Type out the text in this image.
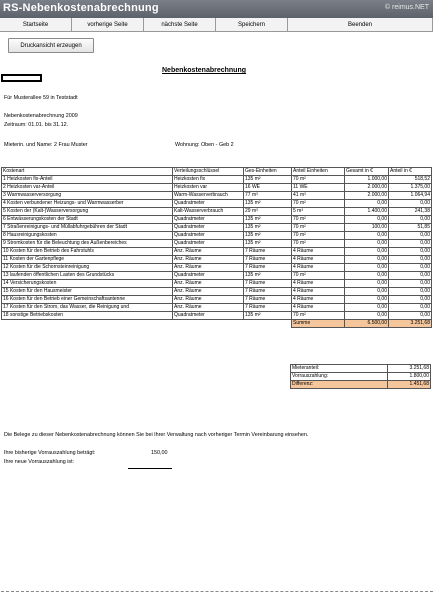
RS-Nebenkostenabrechnung	© reimus.NET
Startseite	vorherige Seite	nächste Seite	Speichern	Beenden
Druckansicht erzeugen
Nebenkostenabrechnung
Für Musterallee 59 in Teststadt
Nebenkostenabrechnung 2009
Zeitraum: 01.01. bis 31.12.
Mieterin. und Name: 2 Frau Muster	Wohnung: Oben - Geb 2
Kostenart	Verteilungsschlüssel	Ges-Einheiten	Anteil Einheiten	Gesamt in €	Anteil in €
1 Heizkosten fix-Anteil	Heizkosten fix	135 m²	70 m²	1.000,00	518,52
2 Heizkosten var-Anteil	Heizkosten var	16 WE	11 WE	2.000,00	1.375,00
3 Warmwasserversorgung	Warm-Wasserverbrauch	77 m³	41 m³	2.000,00	1.064,94
4 Kosten verbundener Heizungs- und Warmwasserber	Quadratmeter	135 m²	70 m²	0,00	0,00
5 Kosten der (Kalt-)Wasserversorgung	Kalt-Wasserverbrauch	29 m³	5 m³	1.400,00	241,38
6 Entwässerungskosten der Stadt	Quadratmeter	135 m²	70 m²	0,00	0,00
7 Straßenreinigungs- und Müllabfuhrgebühren der Stadt	Quadratmeter	135 m²	70 m²	100,00	51,85
8 Hausreinigungskosten	Quadratmeter	135 m²	70 m²	0,00	0,00
9 Stromkosten für die Beleuchtung des Außenbereiches	Quadratmeter	135 m²	70 m²	0,00	0,00
10 Kosten für den Betrieb des Fahrstuhls	Anz. Räume	7 Räume	4 Räume	0,00	0,00
11 Kosten der Gartenpflege	Anz. Räume	7 Räume	4 Räume	0,00	0,00
12 Kosten für die Schornsteinreinigung	Anz. Räume	7 Räume	4 Räume	0,00	0,00
13 laufenden öffentlichen Lasten des Grundstücks	Quadratmeter	135 m²	70 m²	0,00	0,00
14 Versicherungskosten	Anz. Räume	7 Räume	4 Räume	0,00	0,00
15 Kosten für den Hausmeister	Anz. Räume	7 Räume	4 Räume	0,00	0,00
16 Kosten für den Betrieb einer Gemeinschaftsantenne	Anz. Räume	7 Räume	4 Räume	0,00	0,00
17 Kosten für den Strom, das Wasser, die Reinigung und	Anz. Räume	7 Räume	4 Räume	0,00	0,00
18 sonstige Betriebskosten	Quadratmeter	135 m²	70 m²	0,00	0,00
			Summe	6.500,00	3.251,68
Mieteranteil:	3.251,68
Vorrauszahlung:	1.800,00
Differenz:	1.451,68
Die Belege zu dieser Nebenkostenabrechnung können Sie bei Ihrer Verwaltung nach vorheriger Termin Vereinbarung einsehen.
Ihre bisherige Vorrauszahlung beträgt:	150,00
Ihre neue Vorrauszahlung ist:
